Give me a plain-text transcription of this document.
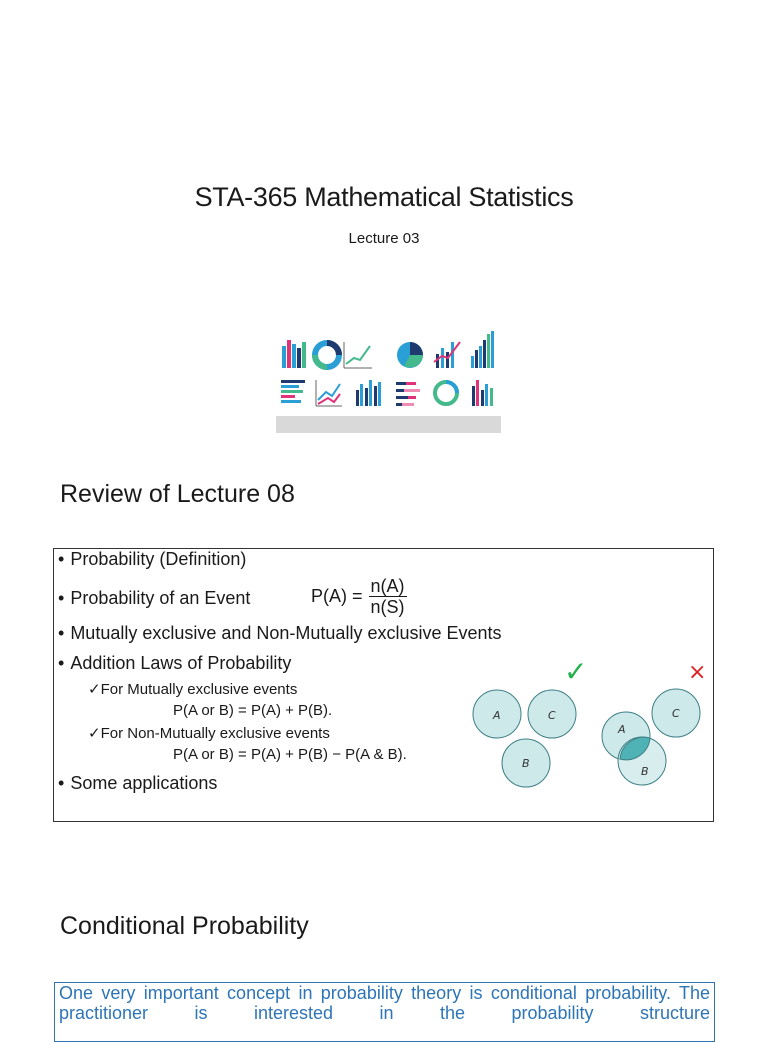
STA-365 Mathematical Statistics
Lecture 03
Review of Lecture 08
• Probability (Definition)
• Probability of an Event	$P(A) = \frac{n(A)}{n(S)}$
• Mutually exclusive and Non-Mutually exclusive Events
• Addition Laws of Probability
✓For Mutually exclusive events
P(A or B) = P(A) + P(B).
✓For Non-Mutually exclusive events
P(A or B) = P(A) + P(B) − P(A & B).
• Some applications
✓
A	C
B
×
C
A
B
Conditional Probability
One very important concept in probability theory is conditional probability. The practitioner is interested in the probability structure
